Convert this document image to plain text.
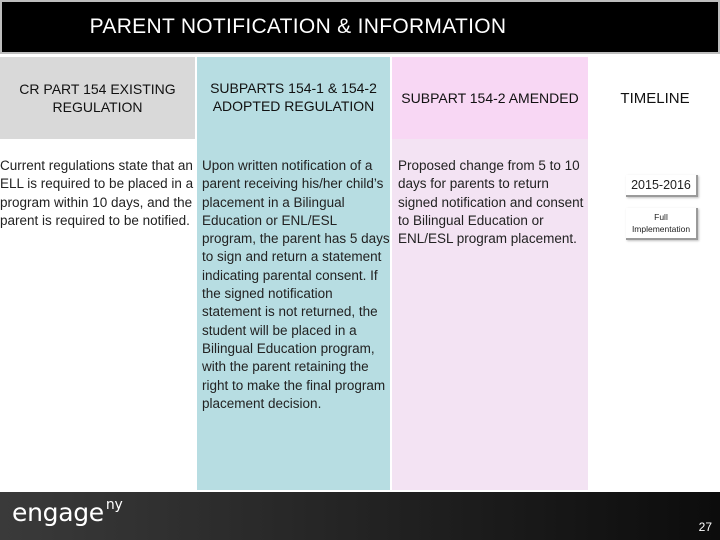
PARENT NOTIFICATION & INFORMATION
CR PART 154 EXISTING REGULATION
Current regulations state that an ELL is required to be placed in a program within 10 days, and the parent is required to be notified.
SUBPARTS 154-1 & 154-2 ADOPTED REGULATION
Upon written notification of a parent receiving his/her child’s placement in a Bilingual Education or ENL/ESL program, the parent has 5 days to sign and return a statement indicating parental consent. If the signed notification statement is not returned, the student will be placed in a Bilingual Education program, with the parent retaining the right to make the final program placement decision.
SUBPART 154-2 AMENDED
Proposed change from 5 to 10 days for parents to return signed notification and consent to Bilingual Education or ENL/ESL program placement.
TIMELINE
2015-2016
Full Implementation
engage $^{ny}$
27
